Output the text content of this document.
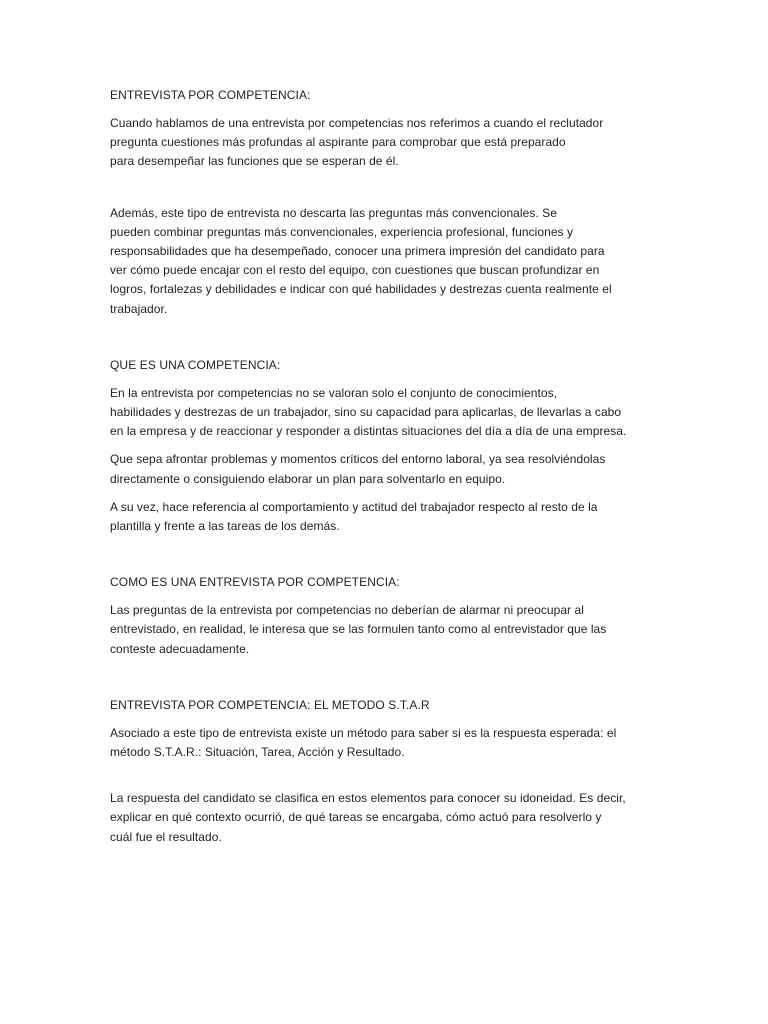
ENTREVISTA POR COMPETENCIA:
Cuando hablamos de una entrevista por competencias nos referimos a cuando el reclutador
pregunta cuestiones más profundas al aspirante para comprobar que está preparado
para desempeñar las funciones que se esperan de él.
Además, este tipo de entrevista no descarta las preguntas más convencionales. Se
pueden combinar preguntas más convencionales, experiencia profesional, funciones y
responsabilidades que ha desempeñado, conocer una primera impresión del candidato para
ver cómo puede encajar con el resto del equipo, con cuestiones que buscan profundizar en
logros, fortalezas y debilidades e indicar con qué habilidades y destrezas cuenta realmente el
trabajador.
QUE ES UNA COMPETENCIA:
En la entrevista por competencias no se valoran solo el conjunto de conocimientos,
habilidades y destrezas de un trabajador, sino su capacidad para aplicarlas, de llevarlas a cabo
en la empresa y de reaccionar y responder a distintas situaciones del día a día de una empresa.
Que sepa afrontar problemas y momentos críticos del entorno laboral, ya sea resolviéndolas
directamente o consiguiendo elaborar un plan para solventarlo en equipo.
A su vez, hace referencia al comportamiento y actitud del trabajador respecto al resto de la
plantilla y frente a las tareas de los demás.
COMO ES UNA ENTREVISTA POR COMPETENCIA:
Las preguntas de la entrevista por competencias no deberían de alarmar ni preocupar al
entrevistado, en realidad, le interesa que se las formulen tanto como al entrevistador que las
conteste adecuadamente.
ENTREVISTA POR COMPETENCIA: EL METODO S.T.A.R
Asociado a este tipo de entrevista existe un método para saber si es la respuesta esperada: el
método S.T.A.R.: Situación, Tarea, Acción y Resultado.
La respuesta del candidato se clasifica en estos elementos para conocer su idoneidad. Es decir,
explicar en qué contexto ocurrió, de qué tareas se encargaba, cómo actuó para resolverlo y
cuál fue el resultado.
